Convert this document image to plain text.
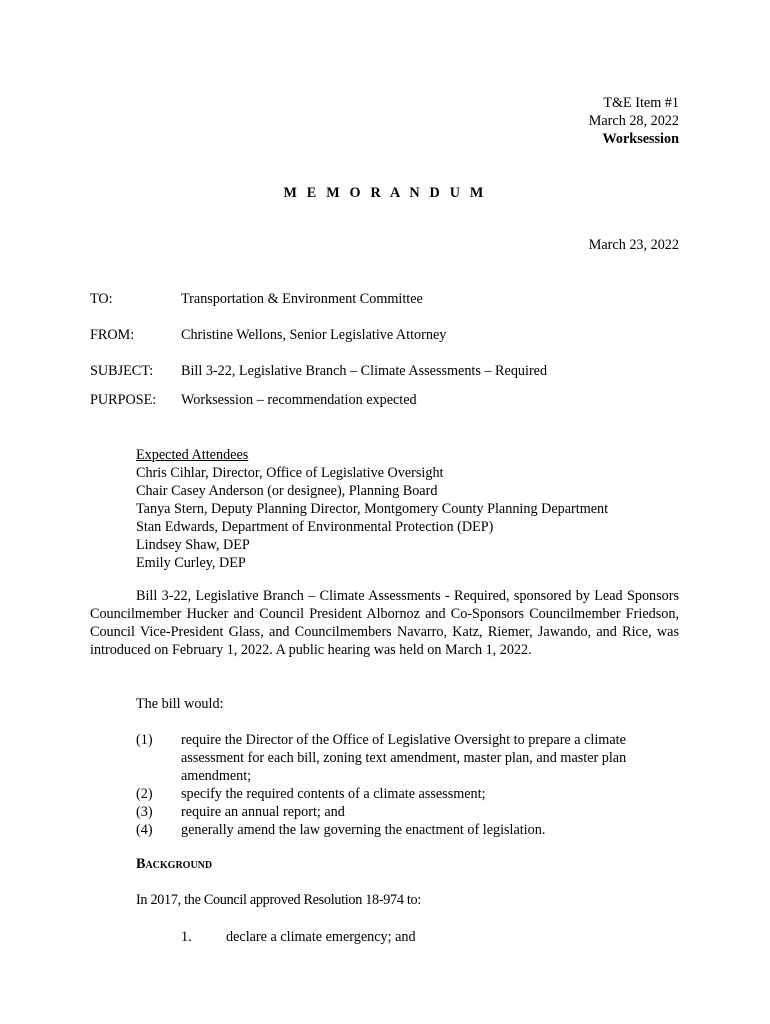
T&E Item #1
March 28, 2022
Worksession
M E M O R A N D U M
March 23, 2022
TO:	Transportation & Environment Committee
FROM:	Christine Wellons, Senior Legislative Attorney
SUBJECT:	Bill 3-22, Legislative Branch – Climate Assessments – Required
PURPOSE:	Worksession – recommendation expected
Expected Attendees
Chris Cihlar, Director, Office of Legislative Oversight
Chair Casey Anderson (or designee), Planning Board
Tanya Stern, Deputy Planning Director, Montgomery County Planning Department
Stan Edwards, Department of Environmental Protection (DEP)
Lindsey Shaw, DEP
Emily Curley, DEP
Bill 3-22, Legislative Branch – Climate Assessments - Required, sponsored by Lead Sponsors Councilmember Hucker and Council President Albornoz and Co-Sponsors Councilmember Friedson, Council Vice-President Glass, and Councilmembers Navarro, Katz, Riemer, Jawando, and Rice, was introduced on February 1, 2022. A public hearing was held on March 1, 2022.
The bill would:
(1)	require the Director of the Office of Legislative Oversight to prepare a climate assessment for each bill, zoning text amendment, master plan, and master plan amendment;
(2)	specify the required contents of a climate assessment;
(3)	require an annual report; and
(4)	generally amend the law governing the enactment of legislation.
Background
In 2017, the Council approved Resolution 18-974 to:
1. declare a climate emergency; and
